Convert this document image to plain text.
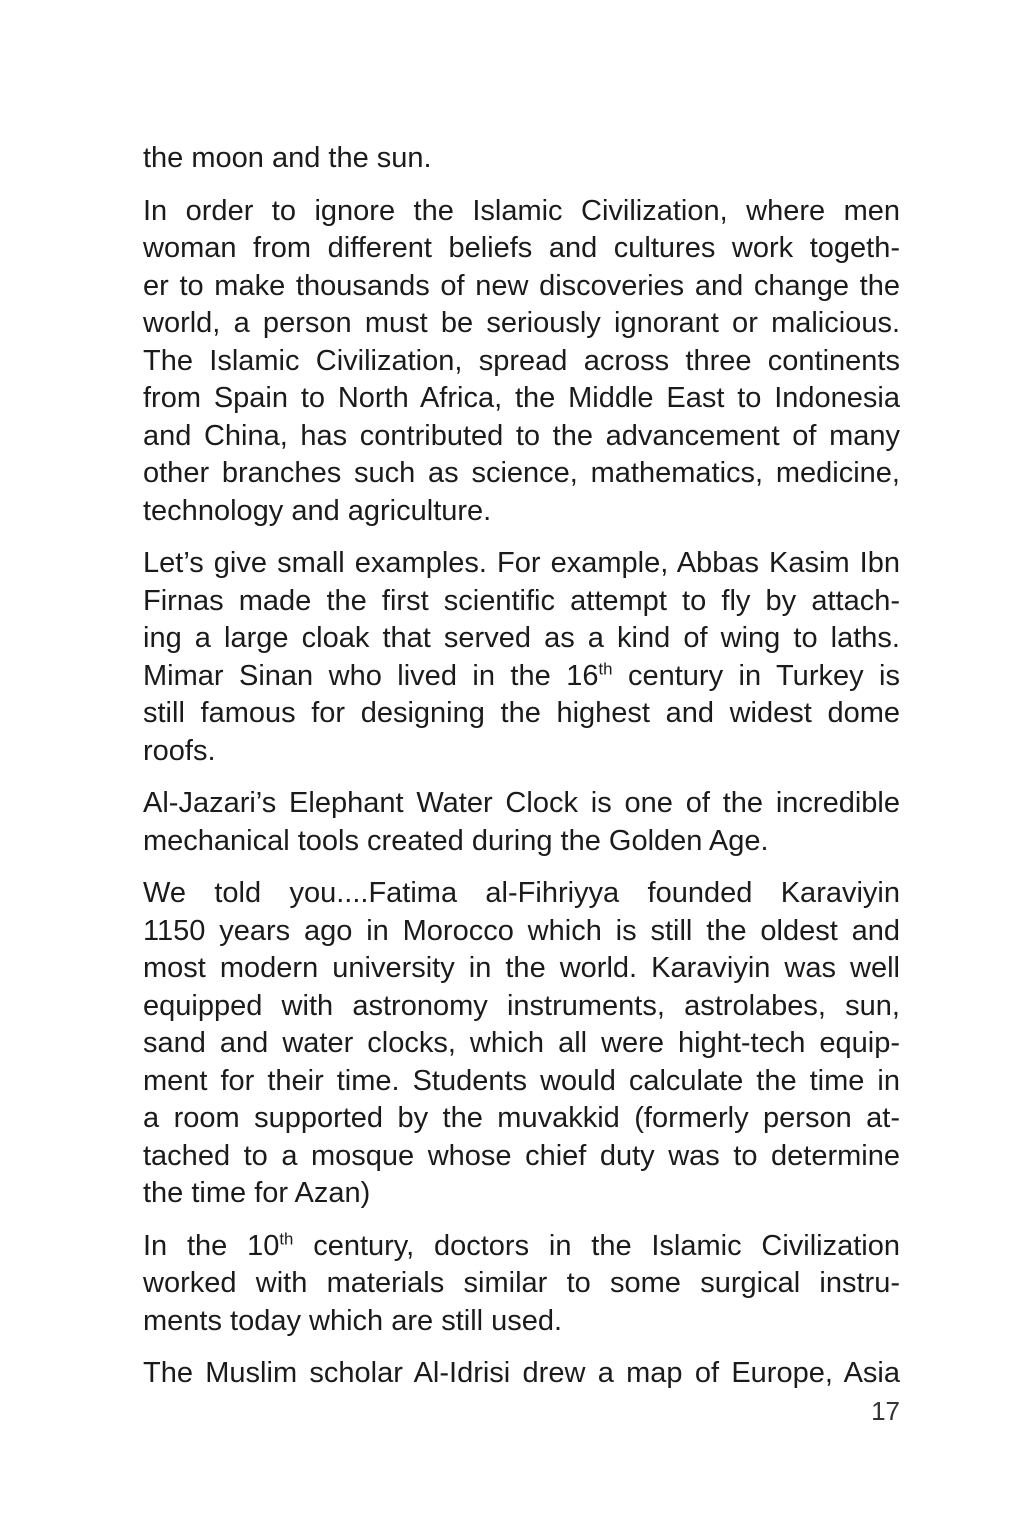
the moon and the sun.

In order to ignore the Islamic Civilization, where men
woman from different beliefs and cultures work togeth-
er to make thousands of new discoveries and change the
world, a person must be seriously ignorant or malicious.
The Islamic Civilization, spread across three continents
from Spain to North Africa, the Middle East to Indonesia
and China, has contributed to the advancement of many
other branches such as science, mathematics, medicine,
technology and agriculture.

Let’s give small examples. For example, Abbas Kasim Ibn
Firnas made the first scientific attempt to fly by attach-
ing a large cloak that served as a kind of wing to laths.
Mimar Sinan who lived in the 16th century in Turkey is
still famous for designing the highest and widest dome
roofs.

Al-Jazari’s Elephant Water Clock is one of the incredible
mechanical tools created during the Golden Age.

We told you....Fatima al-Fihriyya founded Karaviyin
1150 years ago in Morocco which is still the oldest and
most modern university in the world. Karaviyin was well
equipped with astronomy instruments, astrolabes, sun,
sand and water clocks, which all were hight-tech equip-
ment for their time. Students would calculate the time in
a room supported by the muvakkid (formerly person at-
tached to a mosque whose chief duty was to determine
the time for Azan)

In the 10th century, doctors in the Islamic Civilization
worked with materials similar to some surgical instru-
ments today which are still used.

The Muslim scholar Al-Idrisi drew a map of Europe, Asia

17
